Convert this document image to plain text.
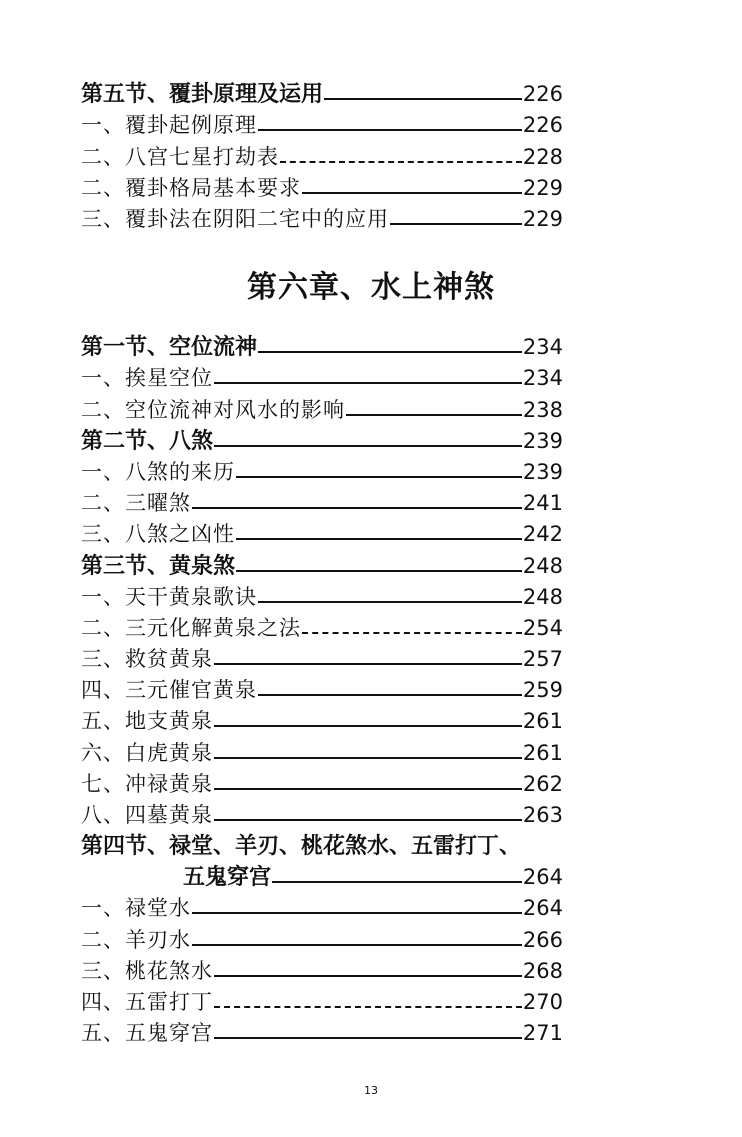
第五节、覆卦原理及运用	226
一、覆卦起例原理	226
二、八宫七星打劫表	228
二、覆卦格局基本要求	229
三、覆卦法在阴阳二宅中的应用	229
第六章、水上神煞
第一节、空位流神	234
一、挨星空位	234
二、空位流神对风水的影响	238
第二节、八煞	239
一、八煞的来历	239
二、三曜煞	241
三、八煞之凶性	242
第三节、黄泉煞	248
一、天干黄泉歌诀	248
二、三元化解黄泉之法	254
三、救贫黄泉	257
四、三元催官黄泉	259
五、地支黄泉	261
六、白虎黄泉	261
七、冲禄黄泉	262
八、四墓黄泉	263
第四节、禄堂、羊刃、桃花煞水、五雷打丁、
五鬼穿宫	264
一、禄堂水	264
二、羊刃水	266
三、桃花煞水	268
四、五雷打丁	270
五、五鬼穿宫	271
13
